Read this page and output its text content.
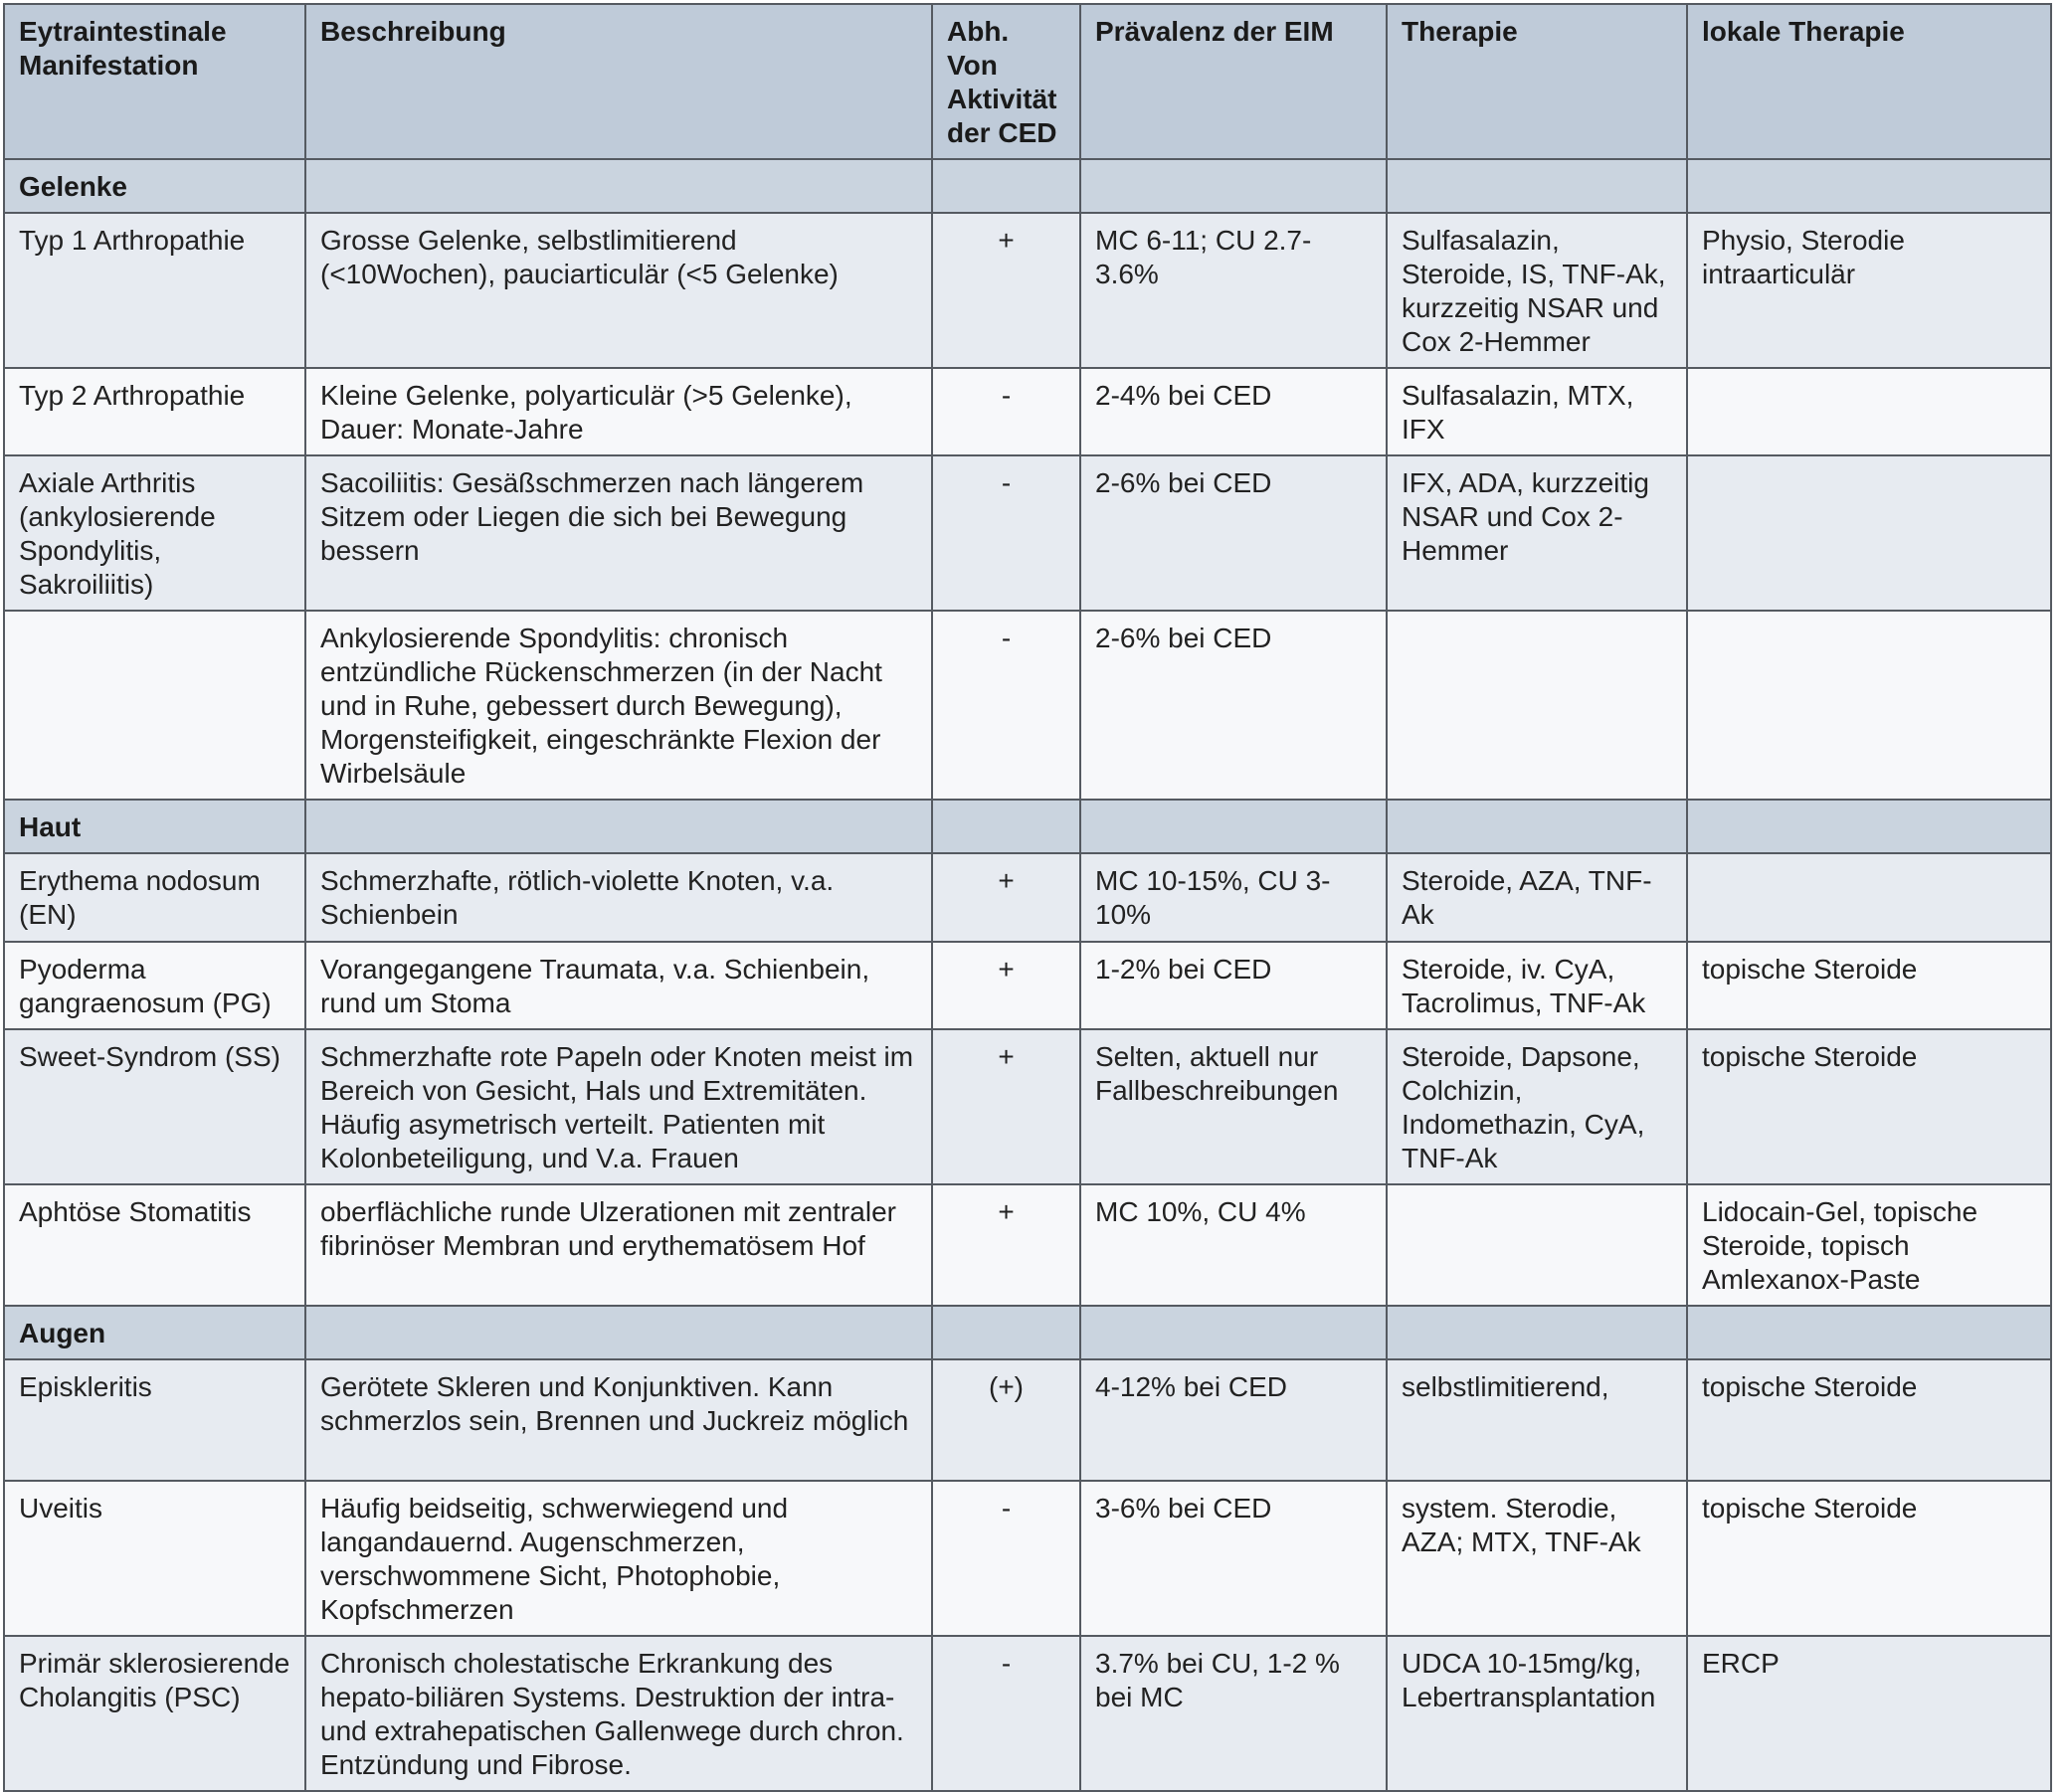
Eytraintestinale Manifestation	Beschreibung	Abh. Von Aktivität der CED	Prävalenz der EIM	Therapie	lokale Therapie
Gelenke					
Typ 1 Arthropathie	Grosse Gelenke, selbstlimitierend (<10Wochen), pauciarticulär (<5 Gelenke)	+	MC 6-11; CU 2.7-3.6%	Sulfasalazin, Steroide, IS, TNF-Ak, kurzzeitig NSAR und Cox 2-Hemmer	Physio, Sterodie intraarticulär
Typ 2 Arthropathie	Kleine Gelenke, polyarticulär (>5 Gelenke), Dauer: Monate-Jahre	-	2-4% bei CED	Sulfasalazin, MTX, IFX	
Axiale Arthritis (ankylosierende Spondylitis, Sakroiliitis)	Sacoiliitis: Gesäßschmerzen nach längerem Sitzem oder Liegen die sich bei Bewegung bessern	-	2-6% bei CED	IFX, ADA, kurzzeitig NSAR und Cox 2-Hemmer	
	Ankylosierende Spondylitis: chronisch entzündliche Rückenschmerzen (in der Nacht und in Ruhe, gebessert durch Bewegung), Morgensteifigkeit, eingeschränkte Flexion der Wirbelsäule	-	2-6% bei CED		
Haut					
Erythema nodosum (EN)	Schmerzhafte, rötlich-violette Knoten, v.a. Schienbein	+	MC 10-15%, CU 3-10%	Steroide, AZA, TNF-Ak	
Pyoderma gangraenosum (PG)	Vorangegangene Traumata, v.a. Schienbein, rund um Stoma	+	1-2% bei CED	Steroide, iv. CyA, Tacrolimus, TNF-Ak	topische Steroide
Sweet-Syndrom (SS)	Schmerzhafte rote Papeln oder Knoten meist im Bereich von Gesicht, Hals und Extremitäten. Häufig asymetrisch verteilt. Patienten mit Kolonbeteiligung, und V.a. Frauen	+	Selten, aktuell nur Fallbeschreibungen	Steroide, Dapsone, Colchizin, Indomethazin, CyA, TNF-Ak	topische Steroide
Aphtöse Stomatitis	oberflächliche runde Ulzerationen mit zentraler fibrinöser Membran und erythematösem Hof	+	MC 10%, CU 4%		Lidocain-Gel, topische Steroide, topisch Amlexanox-Paste
Augen					
Episkleritis	Gerötete Skleren und Konjunktiven. Kann schmerzlos sein, Brennen und Juckreiz möglich	(+)	4-12% bei CED	selbstlimitierend,	topische Steroide
Uveitis	Häufig beidseitig, schwerwiegend und langandauernd. Augenschmerzen, verschwommene Sicht, Photophobie, Kopfschmerzen	-	3-6% bei CED	system. Sterodie, AZA; MTX, TNF-Ak	topische Steroide
Primär sklerosierende Cholangitis (PSC)	Chronisch cholestatische Erkrankung des hepato-biliären Systems. Destruktion der intra- und extrahepatischen Gallenwege durch chron. Entzündung und Fibrose.	-	3.7% bei CU, 1-2 % bei MC	UDCA 10-15mg/kg, Lebertransplantation	ERCP
